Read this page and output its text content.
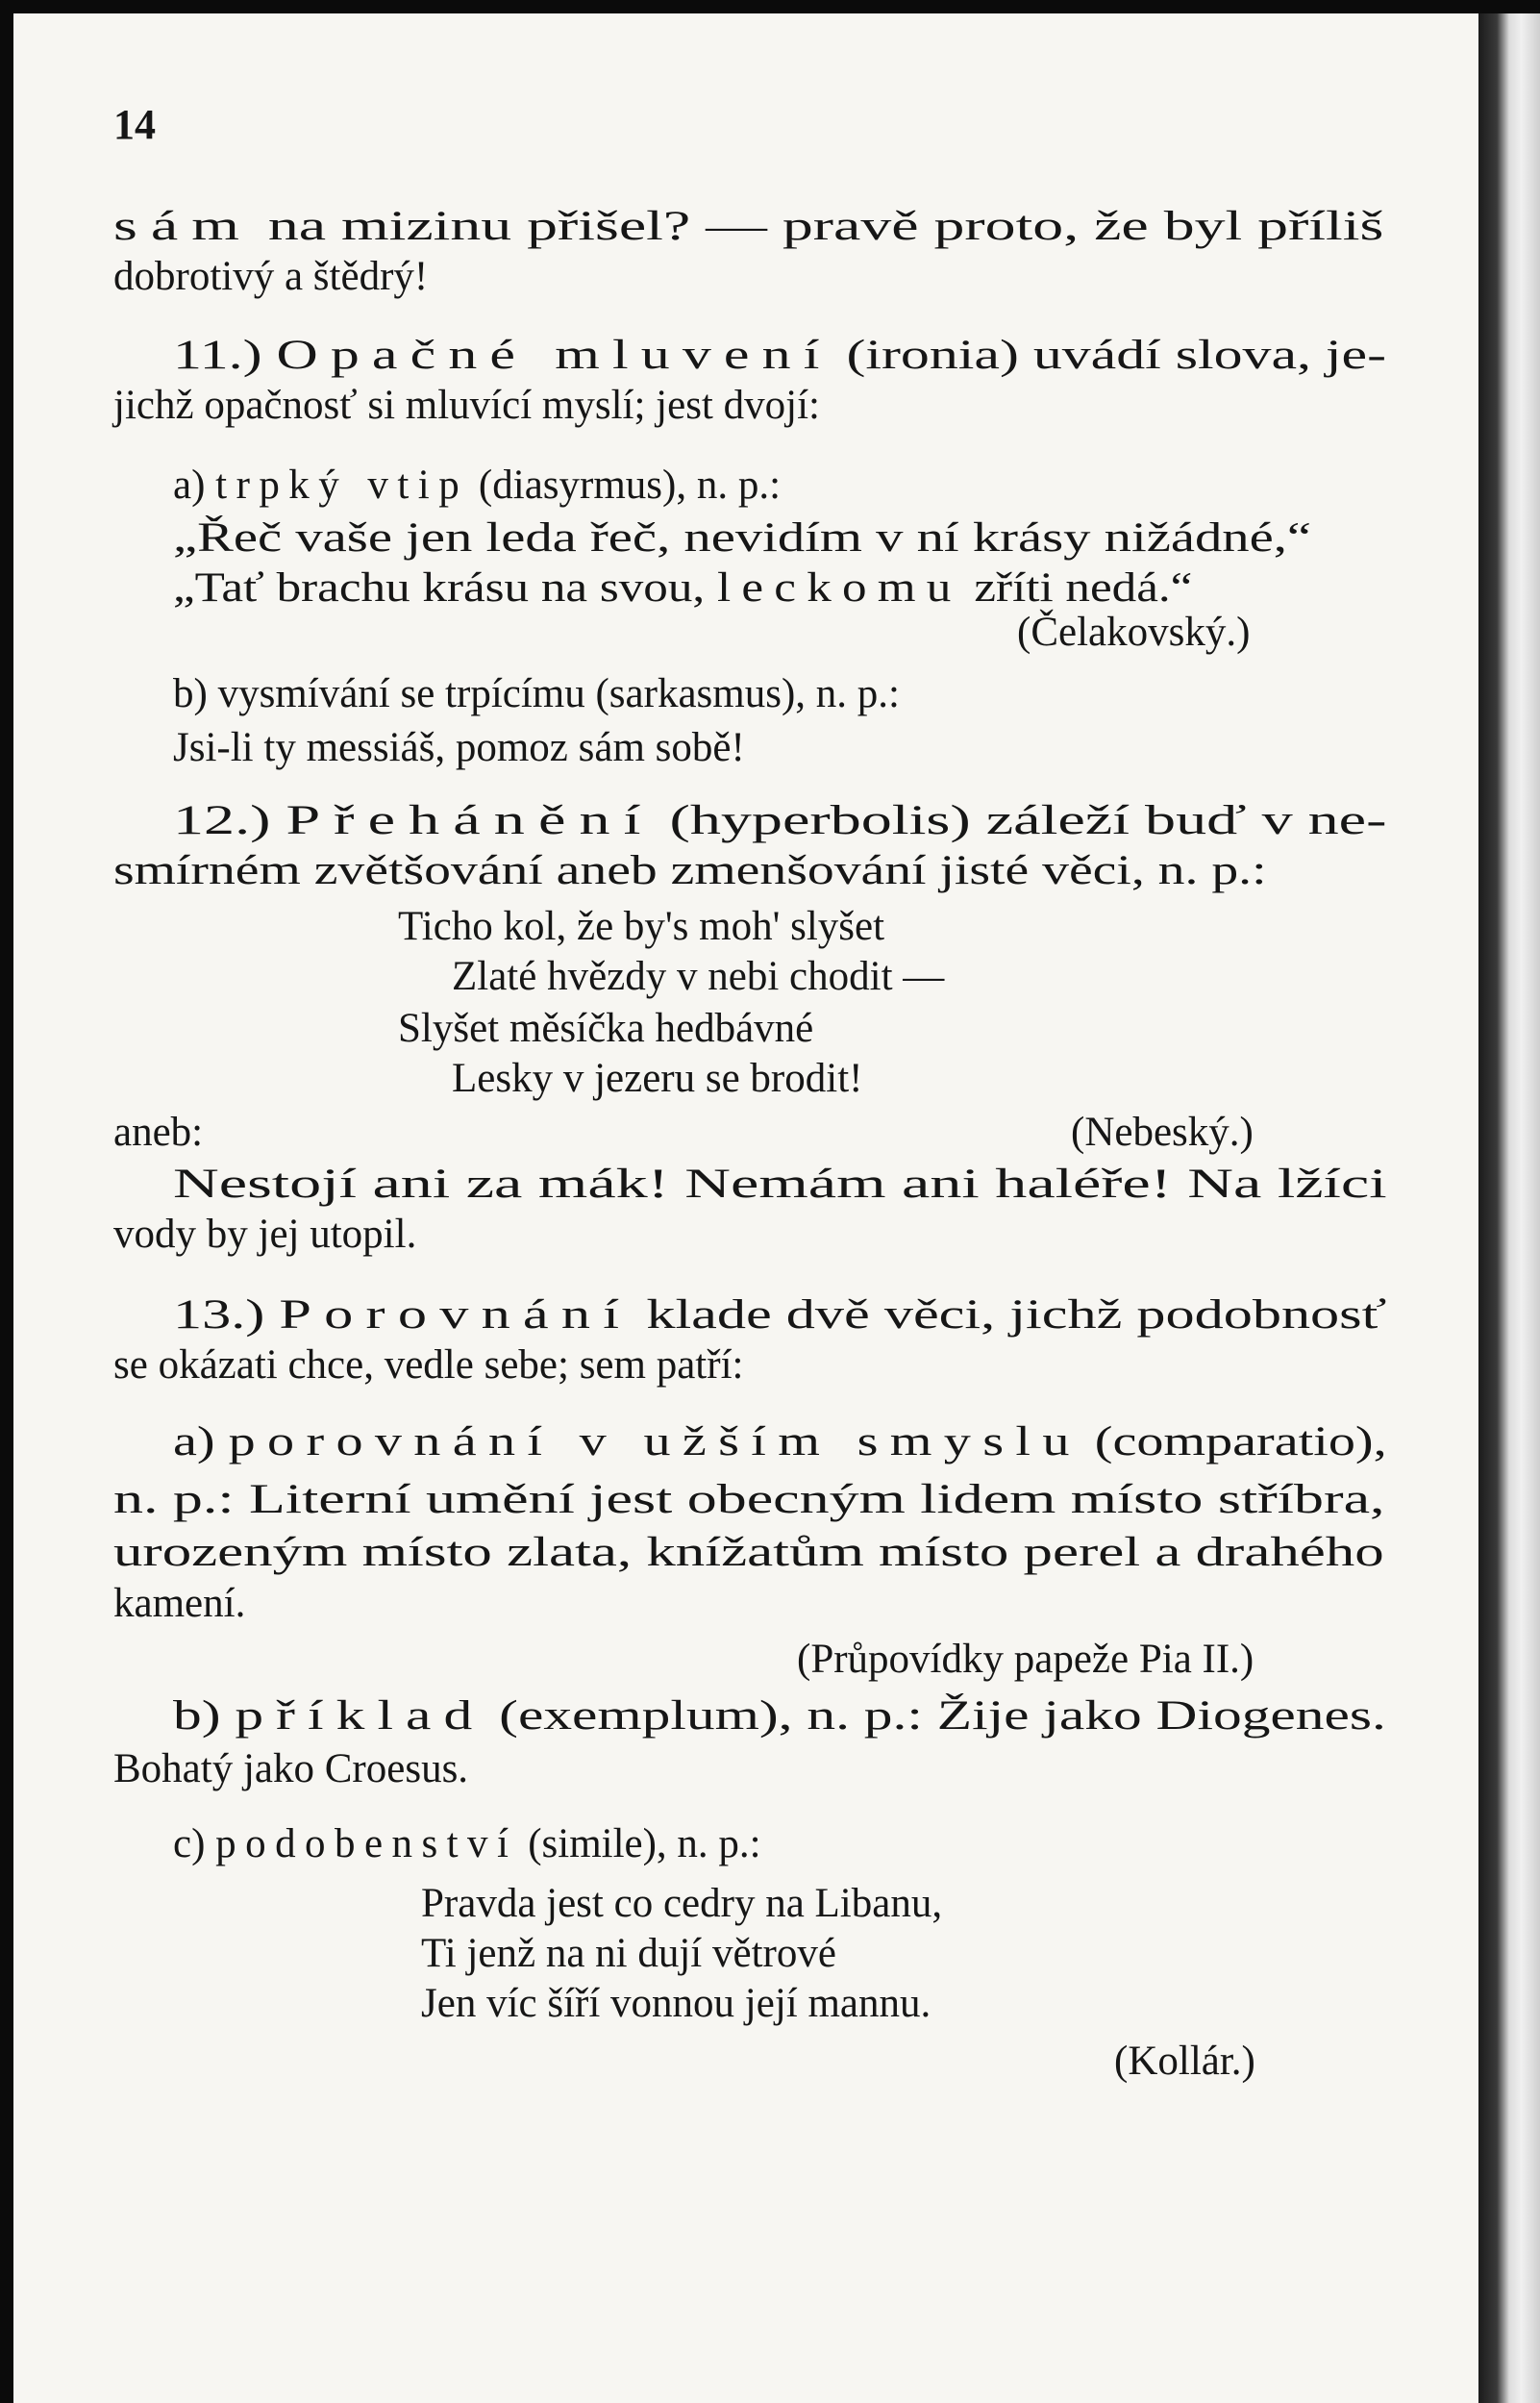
14
sám na mizinu přišel? — pravě proto, že byl příliš
dobrotivý a štědrý!
11.) Opačné mluvení (ironia) uvádí slova, je-
jichž opačnosť si mluvící myslí; jest dvojí:
a) trpký vtip (diasyrmus), n. p.:
„Řeč vaše jen leda řeč, nevidím v ní krásy nižádné,“
„Tať brachu krásu na svou, leckomu zříti nedá.“
(Čelakovský.)
b) vysmívání se trpícímu (sarkasmus), n. p.:
Jsi-li ty messiáš, pomoz sám sobě!
12.) Přehánění (hyperbolis) záleží buď v ne-
smírném zvětšování aneb zmenšování jisté věci, n. p.:
Ticho kol, že by's moh' slyšet
Zlaté hvězdy v nebi chodit —
Slyšet měsíčka hedbávné
Lesky v jezeru se brodit!
aneb:	(Nebeský.)
Nestojí ani za mák! Nemám ani haléře! Na lžíci
vody by jej utopil.
13.) Porovnání klade dvě věci, jichž podobnosť
se okázati chce, vedle sebe; sem patří:
a) porovnání v užším smyslu (comparatio),
n. p.: Literní umění jest obecným lidem místo stříbra,
urozeným místo zlata, knížatům místo perel a drahého
kamení.
(Průpovídky papeže Pia II.)
b) příklad (exemplum), n. p.: Žije jako Diogenes.
Bohatý jako Croesus.
c) podobenství (simile), n. p.:
Pravda jest co cedry na Libanu,
Ti jenž na ni dují větrové
Jen víc šíří vonnou její mannu.
(Kollár.)
